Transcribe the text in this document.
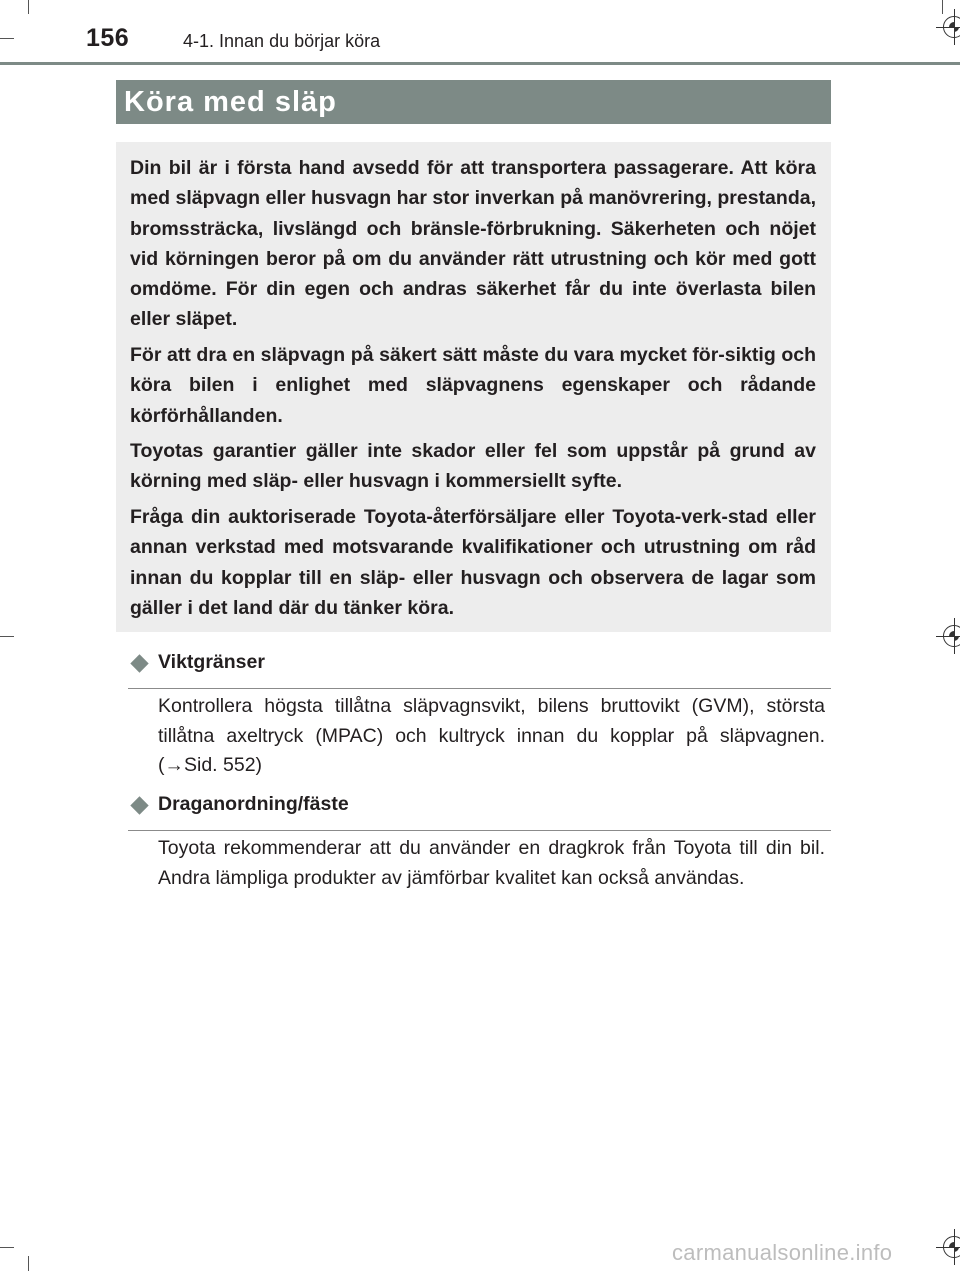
156	4-1. Innan du börjar köra
Köra med släp

Din bil är i första hand avsedd för att transportera passagerare. Att köra med släpvagn eller husvagn har stor inverkan på manövrering, prestanda, bromssträcka, livslängd och bränsle-förbrukning. Säkerheten och nöjet vid körningen beror på om du använder rätt utrustning och kör med gott omdöme. För din egen och andras säkerhet får du inte överlasta bilen eller släpet.

För att dra en släpvagn på säkert sätt måste du vara mycket för-siktig och köra bilen i enlighet med släpvagnens egenskaper och rådande körförhållanden.

Toyotas garantier gäller inte skador eller fel som uppstår på grund av körning med släp- eller husvagn i kommersiellt syfte.

Fråga din auktoriserade Toyota-återförsäljare eller Toyota-verk-stad eller annan verkstad med motsvarande kvalifikationer och utrustning om råd innan du kopplar till en släp- eller husvagn och observera de lagar som gäller i det land där du tänker köra.

Viktgränser

Kontrollera högsta tillåtna släpvagnsvikt, bilens bruttovikt (GVM), största tillåtna axeltryck (MPAC) och kultryck innan du kopplar på släpvagnen. (→Sid. 552)

Draganordning/fäste

Toyota rekommenderar att du använder en dragkrok från Toyota till din bil. Andra lämpliga produkter av jämförbar kvalitet kan också användas.

carmanualsonline.info
